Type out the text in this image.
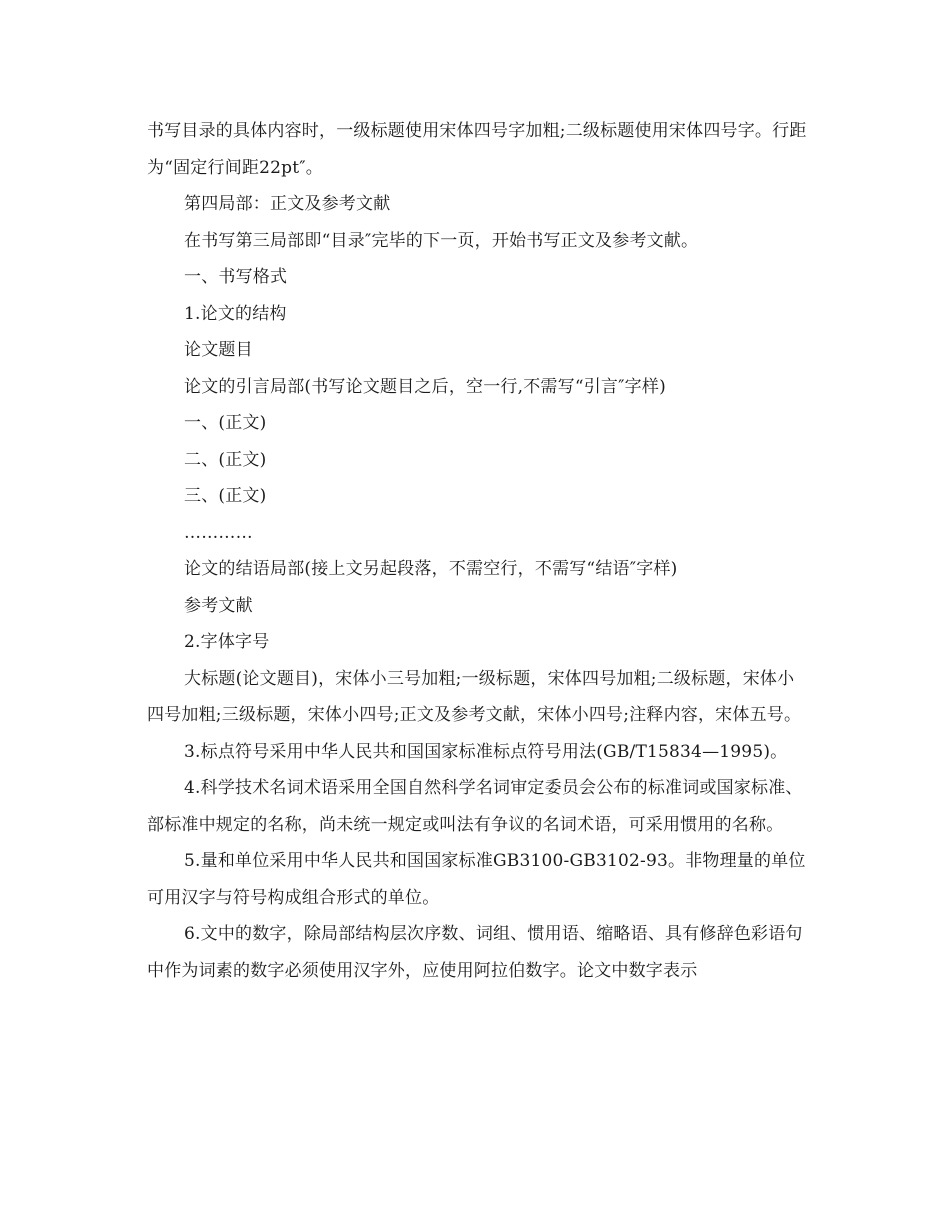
书写目录的具体内容时，一级标题使用宋体四号字加粗;二级标题使用宋体四号字。行距为“固定行间距22pt″。

第四局部：正文及参考文献

在书写第三局部即“目录″完毕的下一页，开始书写正文及参考文献。

一、书写格式

1.论文的结构

论文题目

论文的引言局部(书写论文题目之后，空一行,不需写“引言″字样)

一、(正文)

二、(正文)

三、(正文)

…………

论文的结语局部(接上文另起段落，不需空行，不需写“结语″字样)

参考文献

2.字体字号

大标题(论文题目)，宋体小三号加粗;一级标题，宋体四号加粗;二级标题，宋体小四号加粗;三级标题，宋体小四号;正文及参考文献，宋体小四号;注释内容，宋体五号。

3.标点符号采用中华人民共和国国家标准标点符号用法(GB/T15834—1995)。

4.科学技术名词术语采用全国自然科学名词审定委员会公布的标准词或国家标准、部标准中规定的名称，尚未统一规定或叫法有争议的名词术语，可采用惯用的名称。

5.量和单位采用中华人民共和国国家标准GB3100-GB3102-93。非物理量的单位可用汉字与符号构成组合形式的单位。

6.文中的数字，除局部结构层次序数、词组、惯用语、缩略语、具有修辞色彩语句中作为词素的数字必须使用汉字外，应使用阿拉伯数字。论文中数字表示
